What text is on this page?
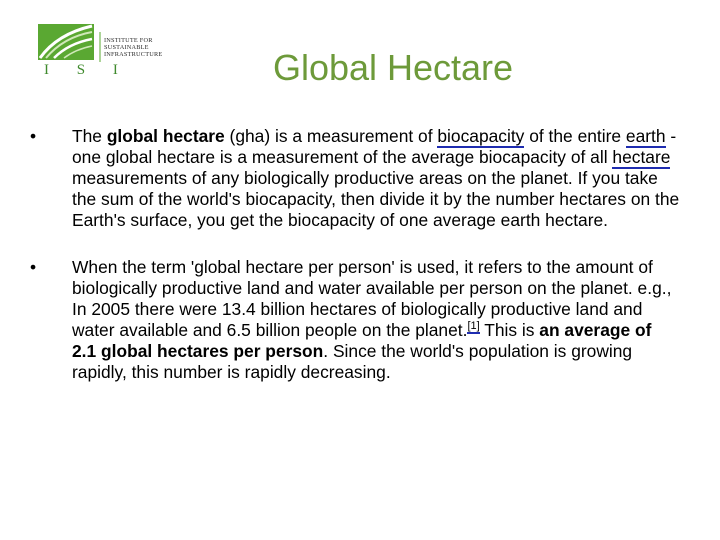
INSTITUTE FOR
SUSTAINABLE
INFRASTRUCTURE
I S I	Global Hectare

• The global hectare (gha) is a measurement of biocapacity of the entire earth - one global hectare is a measurement of the average biocapacity of all hectare measurements of any biologically productive areas on the planet. If you take the sum of the world's biocapacity, then divide it by the number hectares on the Earth's surface, you get the biocapacity of one average earth hectare.

• When the term 'global hectare per person' is used, it refers to the amount of biologically productive land and water available per person on the planet. e.g., In 2005 there were 13.4 billion hectares of biologically productive land and water available and 6.5 billion people on the planet.[1] This is an average of 2.1 global hectares per person. Since the world's population is growing rapidly, this number is rapidly decreasing.
